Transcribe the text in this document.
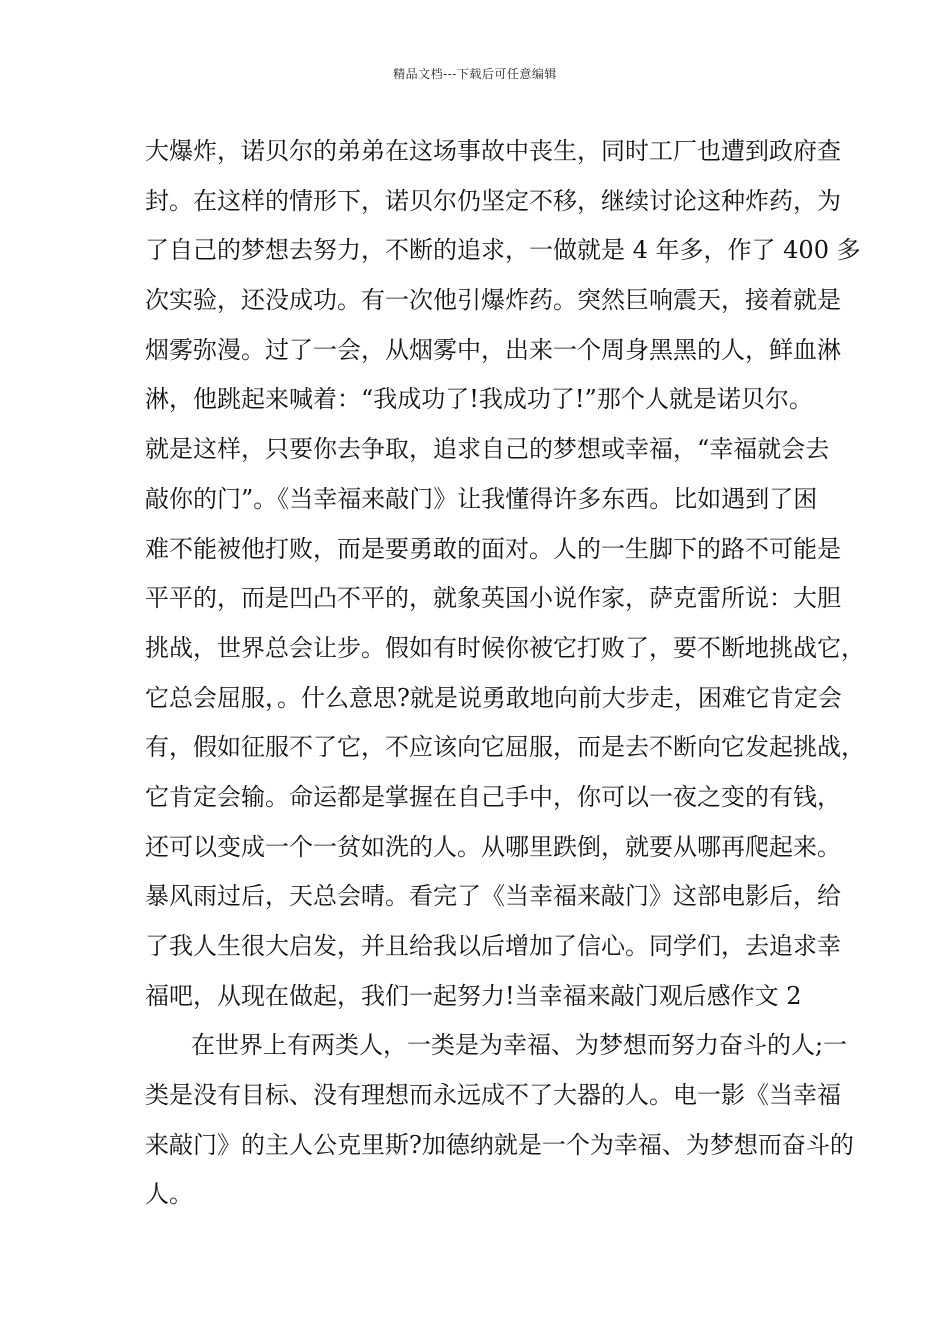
精品文档---下载后可任意编辑
大爆炸，诺贝尔的弟弟在这场事故中丧生，同时工厂也遭到政府查
封。在这样的情形下，诺贝尔仍坚定不移，继续讨论这种炸药，为
了自己的梦想去努力，不断的追求，一做就是 4 年多，作了 400 多
次实验，还没成功。有一次他引爆炸药。突然巨响震天，接着就是
烟雾弥漫。过了一会，从烟雾中，出来一个周身黑黑的人，鲜血淋
淋，他跳起来喊着：“我成功了!我成功了!”那个人就是诺贝尔。
就是这样，只要你去争取，追求自己的梦想或幸福，“幸福就会去
敲你的门”。《当幸福来敲门》让我懂得许多东西。比如遇到了困
难不能被他打败，而是要勇敢的面对。人的一生脚下的路不可能是
平平的，而是凹凸不平的，就象英国小说作家，萨克雷所说：大胆
挑战，世界总会让步。假如有时候你被它打败了，要不断地挑战它，
它总会屈服，。什么意思?就是说勇敢地向前大步走，困难它肯定会
有，假如征服不了它，不应该向它屈服，而是去不断向它发起挑战，
它肯定会输。命运都是掌握在自己手中，你可以一夜之变的有钱，
还可以变成一个一贫如洗的人。从哪里跌倒，就要从哪再爬起来。
暴风雨过后，天总会晴。看完了《当幸福来敲门》这部电影后，给
了我人生很大启发，并且给我以后增加了信心。同学们，去追求幸
福吧，从现在做起，我们一起努力!当幸福来敲门观后感作文 2
在世界上有两类人，一类是为幸福、为梦想而努力奋斗的人;一
类是没有目标、没有理想而永远成不了大器的人。电一影《当幸福
来敲门》的主人公克里斯?加德纳就是一个为幸福、为梦想而奋斗的
人。
